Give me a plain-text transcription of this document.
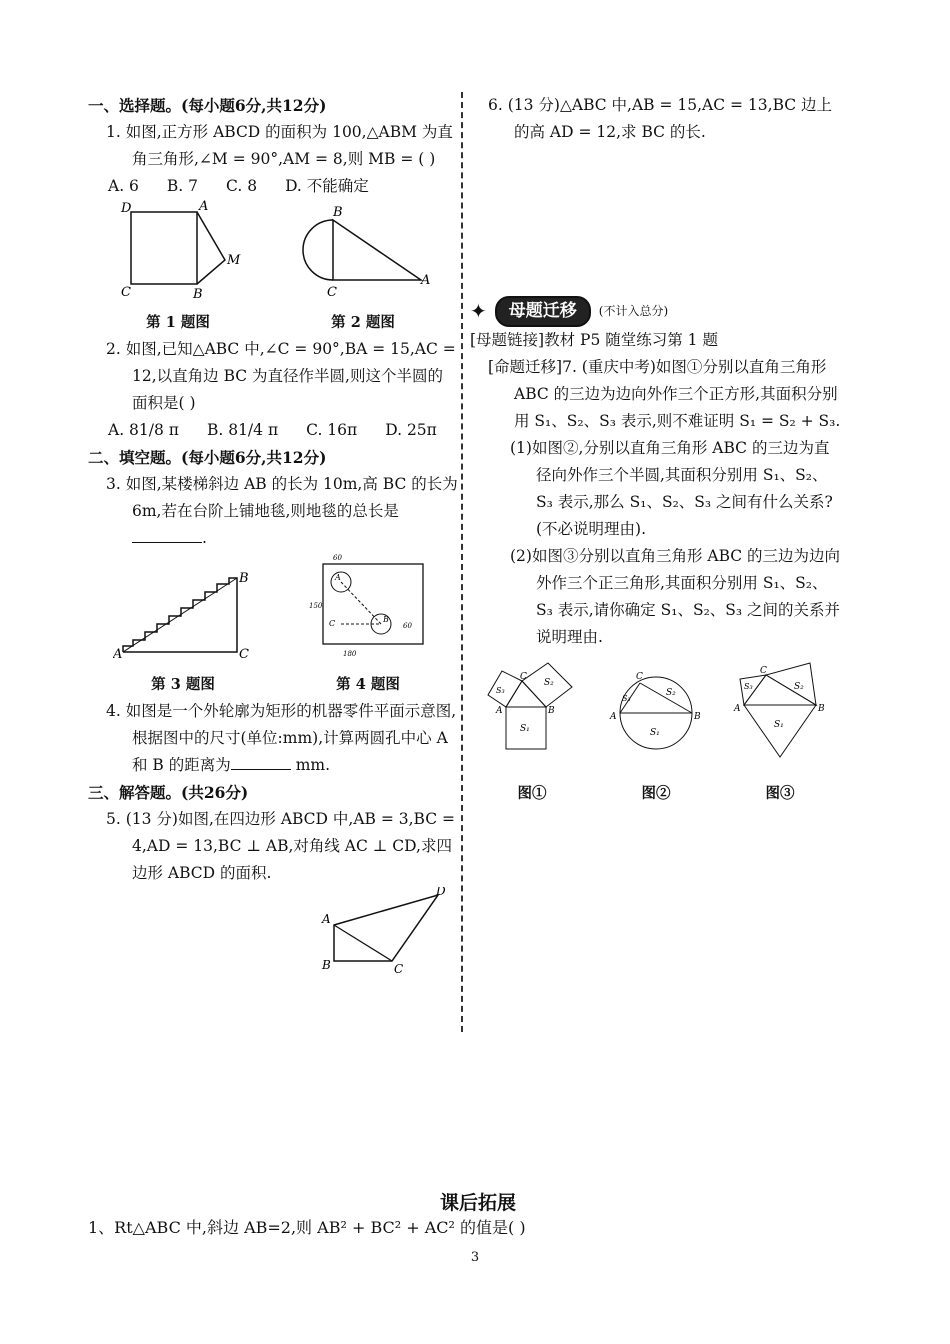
一、选择题。(每小题6分,共12分)

1. 如图,正方形 ABCD 的面积为 100,△ABM 为直角三角形,∠M = 90°,AM = 8,则 MB = ( )

A. 6 B. 7 C. 8 D. 不能确定
D	A
C	B
M
第 1 题图
B
C
A
第 2 题图

2. 如图,已知△ABC 中,∠C = 90°,BA = 15,AC = 12,以直角边 BC 为直径作半圆,则这个半圆的面积是( )

A. 81/8 π B. 81/4 π C. 16π D. 25π

二、填空题。(每小题6分,共12分)

3. 如图,某楼梯斜边 AB 的长为 10m,高 BC 的长为 6m,若在台阶上铺地毯,则地毯的总长是 .

A
B
C
第 3 题图
C
A
B
60
150
180
60
第 4 题图

4. 如图是一个外轮廓为矩形的机器零件平面示意图,根据图中的尺寸(单位:mm),计算两圆孔中心 A 和 B 的距离为	mm.

三、解答题。(共26分)

5. (13 分)如图,在四边形 ABCD 中,AB = 3,BC = 4,AD = 13,BC ⊥ AB,对角线 AC ⊥ CD,求四边形 ABCD 的面积.

A
B	C
D

6. (13 分)△ABC 中,AB = 15,AC = 13,BC 边上的高 AD = 12,求 BC 的长.

✦	母题迁移	(不计入总分)

[母题链接]教材 P5 随堂练习第 1 题

[命题迁移]7. (重庆中考)如图①分别以直角三角形 ABC 的三边为边向外作三个正方形,其面积分别用 S₁、S₂、S₃ 表示,则不难证明 S₁ = S₂ + S₃.

(1)如图②,分别以直角三角形 ABC 的三边为直径向外作三个半圆,其面积分别用 S₁、S₂、S₃ 表示,那么 S₁、S₂、S₃ 之间有什么关系?(不必说明理由).

(2)如图③分别以直角三角形 ABC 的三边为边向外作三个正三角形,其面积分别用 S₁、S₂、S₃ 表示,请你确定 S₁、S₂、S₃ 之间的关系并说明理由.

S₁
S₂
S₃
A	B
C
图①
S₁
S₂
S₃
A	B
C
图②
S₁
S₂
S₃
A	B
C
图③
课后拓展

1、Rt△ABC 中,斜边 AB=2,则 AB² + BC² + AC² 的值是( )

3
